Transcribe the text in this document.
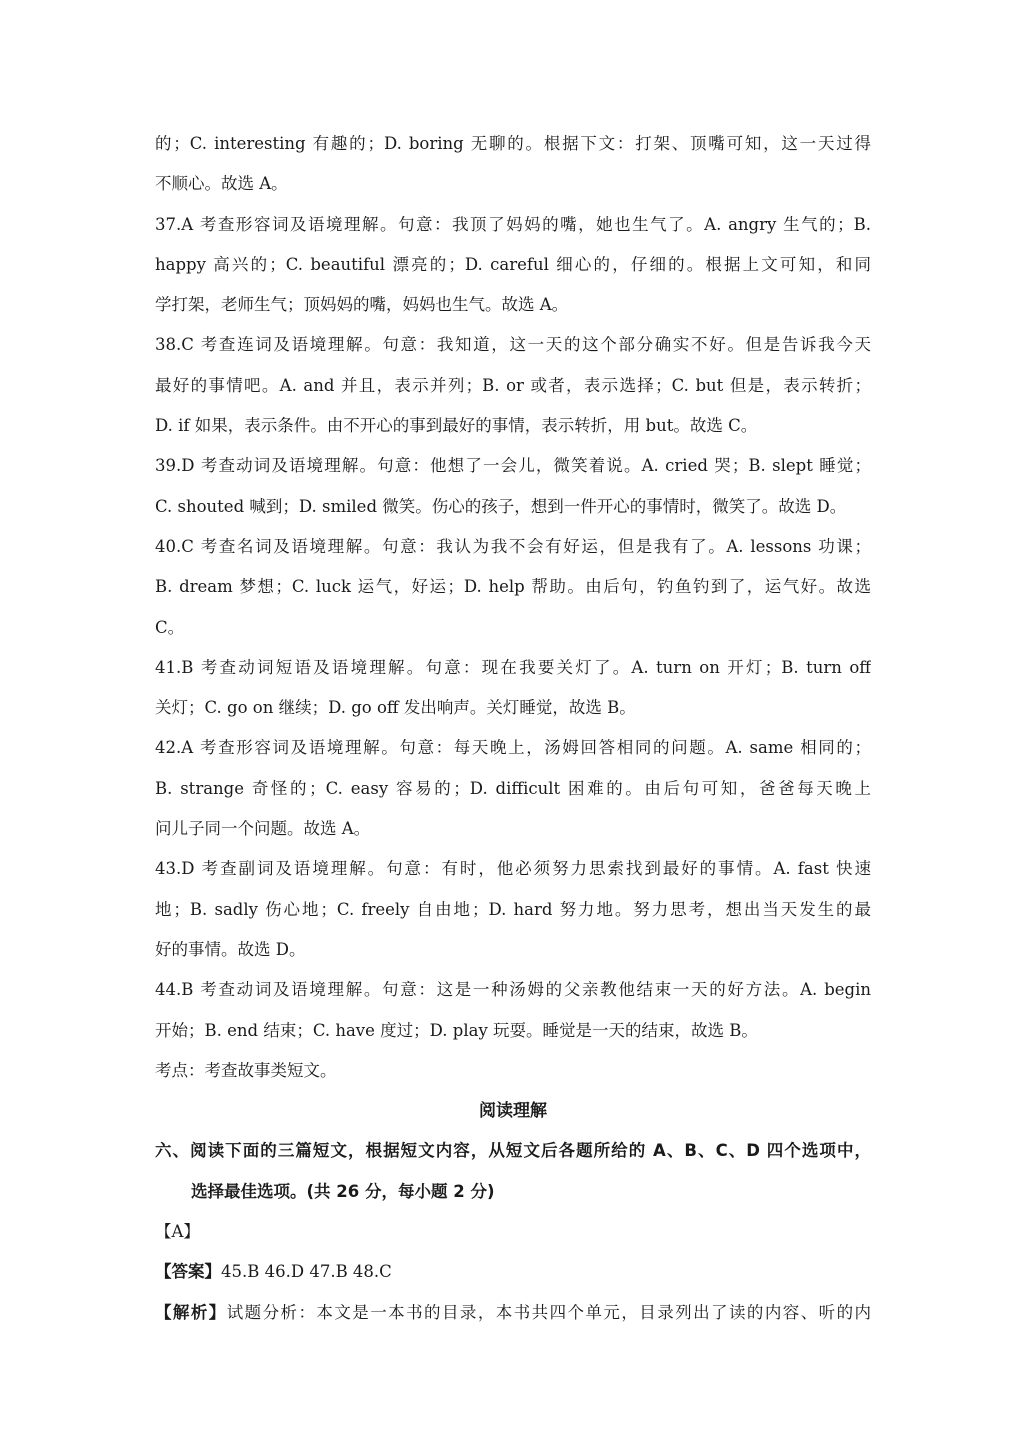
的；C. interesting 有趣的；D. boring 无聊的。根据下文：打架、顶嘴可知，这一天过得
不顺心。故选 A。
37.A 考查形容词及语境理解。句意：我顶了妈妈的嘴，她也生气了。A. angry 生气的；B.
happy 高兴的；C. beautiful 漂亮的；D. careful 细心的，仔细的。根据上文可知，和同
学打架，老师生气；顶妈妈的嘴，妈妈也生气。故选 A。
38.C 考查连词及语境理解。句意：我知道，这一天的这个部分确实不好。但是告诉我今天
最好的事情吧。A. and 并且，表示并列；B. or 或者，表示选择；C. but 但是，表示转折；
D. if 如果，表示条件。由不开心的事到最好的事情，表示转折，用 but。故选 C。
39.D 考查动词及语境理解。句意：他想了一会儿，微笑着说。A. cried 哭；B. slept 睡觉；
C. shouted 喊到；D. smiled 微笑。伤心的孩子，想到一件开心的事情时，微笑了。故选 D。
40.C 考查名词及语境理解。句意：我认为我不会有好运，但是我有了。A. lessons 功课；
B. dream 梦想；C. luck 运气，好运；D. help 帮助。由后句，钓鱼钓到了，运气好。故选
C。
41.B 考查动词短语及语境理解。句意：现在我要关灯了。A. turn on 开灯；B. turn off
关灯；C. go on 继续；D. go off 发出响声。关灯睡觉，故选 B。
42.A 考查形容词及语境理解。句意：每天晚上，汤姆回答相同的问题。A. same 相同的；
B. strange 奇怪的；C. easy 容易的；D. difficult 困难的。由后句可知，爸爸每天晚上
问儿子同一个问题。故选 A。
43.D 考查副词及语境理解。句意：有时，他必须努力思索找到最好的事情。A. fast 快速
地；B. sadly 伤心地；C. freely 自由地；D. hard 努力地。努力思考，想出当天发生的最
好的事情。故选 D。
44.B 考查动词及语境理解。句意：这是一种汤姆的父亲教他结束一天的好方法。A. begin
开始；B. end 结束；C. have 度过；D. play 玩耍。睡觉是一天的结束，故选 B。
考点：考查故事类短文。
阅读理解
六、阅读下面的三篇短文，根据短文内容，从短文后各题所给的 A、B、C、D 四个选项中，
选择最佳选项。(共 26 分，每小题 2 分)
【A】
【答案】45.B 46.D 47.B 48.C
【解析】试题分析：本文是一本书的目录，本书共四个单元，目录列出了读的内容、听的内
